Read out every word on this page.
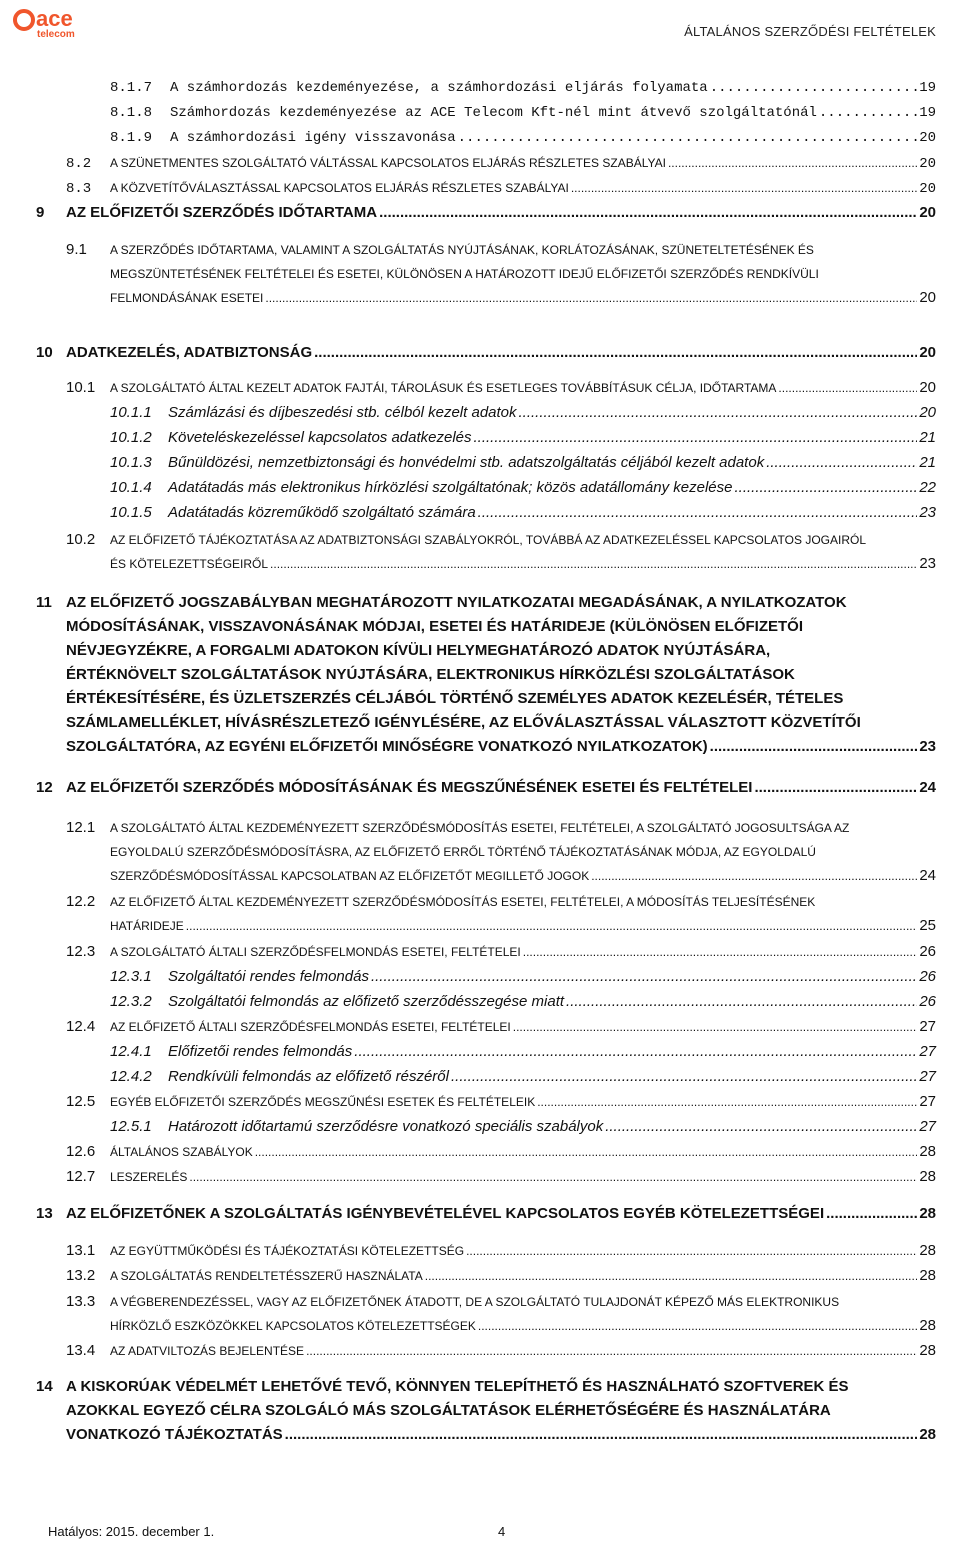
ace
telecom	ÁLTALÁNOS SZERZŐDÉSI FELTÉTELEK
8.1.7	A számhordozás kezdeményezése, a számhordozási eljárás folyamata .....	19
8.1.8	Számhordozás kezdeményezése az ACE Telecom Kft-nél mint átvevő szolgáltatónál .....	19
8.1.9	A számhordozási igény visszavonása .....	20
8.2	A SZÜNETMENTES SZOLGÁLTATÓ VÁLTÁSSAL KAPCSOLATOS ELJÁRÁS RÉSZLETES SZABÁLYAI .....	20
8.3	A KÖZVETÍTŐVÁLASZTÁSSAL KAPCSOLATOS ELJÁRÁS RÉSZLETES SZABÁLYAI .....	20
9	AZ ELŐFIZETŐI SZERZŐDÉS IDŐTARTAMA .....	20
9.1	A SZERZŐDÉS IDŐTARTAMA, VALAMINT A SZOLGÁLTATÁS NYÚJTÁSÁNAK, KORLÁTOZÁSÁNAK, SZÜNETELTETÉSÉNEK ÉS
MEGSZÜNTETÉSÉNEK FELTÉTELEI ÉS ESETEI, KÜLÖNÖSEN A HATÁROZOTT IDEJŰ ELŐFIZETŐI SZERZŐDÉS RENDKÍVÜLI
FELMONDÁSÁNAK ESETEI .....	20
10 ADATKEZELÉS, ADATBIZTONSÁG .....	20
10.1	A SZOLGÁLTATÓ ÁLTAL KEZELT ADATOK FAJTÁI, TÁROLÁSUK ÉS ESETLEGES TOVÁBBÍTÁSUK CÉLJA, IDŐTARTAMA .....	20
10.1.1	Számlázási és díjbeszedési stb. célból kezelt adatok .....	20
10.1.2	Követeléskezeléssel kapcsolatos adatkezelés .....	21
10.1.3	Bűnüldözési, nemzetbiztonsági és honvédelmi stb. adatszolgáltatás céljából kezelt adatok .....	21
10.1.4	Adatátadás más elektronikus hírközlési szolgáltatónak; közös adatállomány kezelése .....	22
10.1.5	Adatátadás közreműködő szolgáltató számára .....	23
10.2	AZ ELŐFIZETŐ TÁJÉKOZTATÁSA AZ ADATBIZTONSÁGI SZABÁLYOKRÓL, TOVÁBBÁ AZ ADATKEZELÉSSEL KAPCSOLATOS JOGAIRÓL
ÉS KÖTELEZETTSÉGEIRŐL .....	23
11 AZ ELŐFIZETŐ JOGSZABÁLYBAN MEGHATÁROZOTT NYILATKOZATAI MEGADÁSÁNAK, A NYILATKOZATOK
MÓDOSÍTÁSÁNAK, VISSZAVONÁSÁNAK MÓDJAI, ESETEI ÉS HATÁRIDEJE (KÜLÖNÖSEN ELŐFIZETŐI
NÉVJEGYZÉKRE, A FORGALMI ADATOKON KÍVÜLI HELYMEGHATÁROZÓ ADATOK NYÚJTÁSÁRA,
ÉRTÉKNÖVELT SZOLGÁLTATÁSOK NYÚJTÁSÁRA, ELEKTRONIKUS HÍRKÖZLÉSI SZOLGÁLTATÁSOK
ÉRTÉKESÍTÉSÉRE, ÉS ÜZLETSZERZÉS CÉLJÁBÓL TÖRTÉNŐ SZEMÉLYES ADATOK KEZELÉSÉR, TÉTELES
SZÁMLAMELLÉKLET, HÍVÁSRÉSZLETEZŐ IGÉNYLÉSÉRE, AZ ELŐVÁLASZTÁSSAL VÁLASZTOTT KÖZVETÍTŐI
SZOLGÁLTATÓRA, AZ EGYÉNI ELŐFIZETŐI MINŐSÉGRE VONATKOZÓ NYILATKOZATOK) .....	23
12 AZ ELŐFIZETŐI SZERZŐDÉS MÓDOSÍTÁSÁNAK ÉS MEGSZŰNÉSÉNEK ESETEI ÉS FELTÉTELEI .....	24
12.1	A SZOLGÁLTATÓ ÁLTAL KEZDEMÉNYEZETT SZERZŐDÉSMÓDOSÍTÁS ESETEI, FELTÉTELEI, A SZOLGÁLTATÓ JOGOSULTSÁGA AZ
EGYOLDALÚ SZERZŐDÉSMÓDOSÍTÁSRA, AZ ELŐFIZETŐ ERRŐL TÖRTÉNŐ TÁJÉKOZTATÁSÁNAK MÓDJA, AZ EGYOLDALÚ
SZERZŐDÉSMÓDOSÍTÁSSAL KAPCSOLATBAN AZ ELŐFIZETŐT MEGILLETŐ JOGOK .....	24
12.2	AZ ELŐFIZETŐ ÁLTAL KEZDEMÉNYEZETT SZERZŐDÉSMÓDOSÍTÁS ESETEI, FELTÉTELEI, A MÓDOSÍTÁS TELJESÍTÉSÉNEK
HATÁRIDEJE .....	25
12.3	A SZOLGÁLTATÓ ÁLTALI SZERZŐDÉSFELMONDÁS ESETEI, FELTÉTELEI .....	26
12.3.1	Szolgáltatói rendes felmondás .....	26
12.3.2	Szolgáltatói felmondás az előfizető szerződésszegése miatt .....	26
12.4	AZ ELŐFIZETŐ ÁLTALI SZERZŐDÉSFELMONDÁS ESETEI, FELTÉTELEI .....	27
12.4.1	Előfizetői rendes felmondás .....	27
12.4.2	Rendkívüli felmondás az előfizető részéről .....	27
12.5	EGYÉB ELŐFIZETŐI SZERZŐDÉS MEGSZŰNÉSI ESETEK ÉS FELTÉTELEIK .....	27
12.5.1	Határozott időtartamú szerződésre vonatkozó speciális szabályok .....	27
12.6	ÁLTALÁNOS SZABÁLYOK .....	28
12.7	LESZERELÉS .....	28
13 AZ ELŐFIZETŐNEK A SZOLGÁLTATÁS IGÉNYBEVÉTELÉVEL KAPCSOLATOS EGYÉB KÖTELEZETTSÉGEI .....	28
13.1	AZ EGYÜTTMŰKÖDÉSI ÉS TÁJÉKOZTATÁSI KÖTELEZETTSÉG .....	28
13.2	A SZOLGÁLTATÁS RENDELTETÉSSZERŰ HASZNÁLATA .....	28
13.3	A VÉGBERENDEZÉSSEL, VAGY AZ ELŐFIZETŐNEK ÁTADOTT, DE A SZOLGÁLTATÓ TULAJDONÁT KÉPEZŐ MÁS ELEKTRONIKUS
HÍRKÖZLŐ ESZKÖZÖKKEL KAPCSOLATOS KÖTELEZETTSÉGEK .....	28
13.4	AZ ADATVILTOZÁS BEJELENTÉSE .....	28
14 A KISKORÚAK VÉDELMÉT LEHETŐVÉ TEVŐ, KÖNNYEN TELEPÍTHETŐ ÉS HASZNÁLHATÓ SZOFTVEREK ÉS
AZOKKAL EGYEZŐ CÉLRA SZOLGÁLÓ MÁS SZOLGÁLTATÁSOK ELÉRHETŐSÉGÉRE ÉS HASZNÁLATÁRA
VONATKOZÓ TÁJÉKOZTATÁS .....	28
Hatályos: 2015. december 1.	4
